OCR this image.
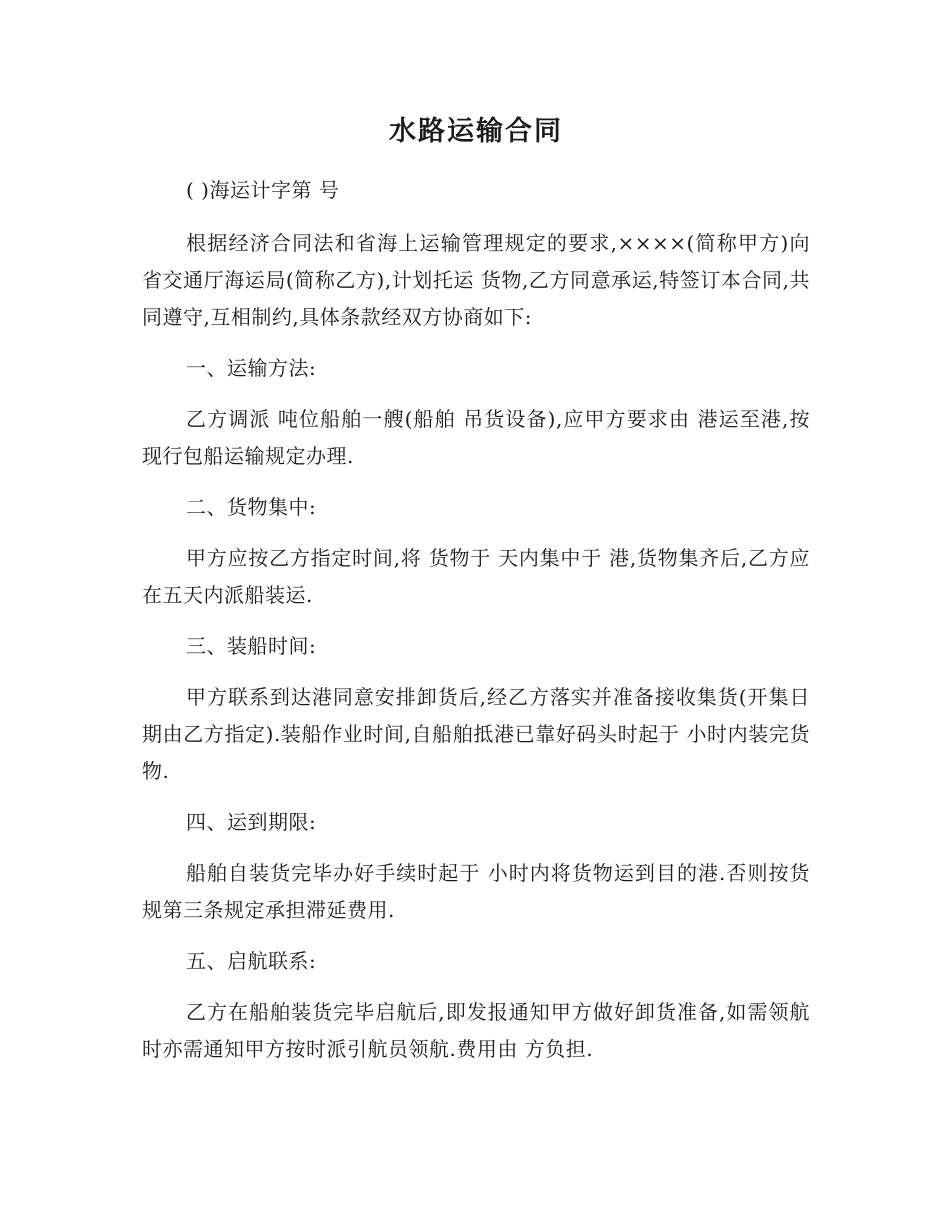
水路运输合同

( )海运计字第 号

根据经济合同法和省海上运输管理规定的要求,××××(简称甲方)向省交通厅海运局(简称乙方),计划托运 货物,乙方同意承运,特签订本合同,共同遵守,互相制约,具体条款经双方协商如下:

一、运输方法:

乙方调派 吨位船舶一艘(船舶 吊货设备),应甲方要求由 港运至港,按现行包船运输规定办理.

二、货物集中:

甲方应按乙方指定时间,将 货物于 天内集中于 港,货物集齐后,乙方应在五天内派船装运.

三、装船时间:

甲方联系到达港同意安排卸货后,经乙方落实并准备接收集货(开集日期由乙方指定).装船作业时间,自船舶抵港已靠好码头时起于 小时内装完货物.

四、运到期限:

船舶自装货完毕办好手续时起于 小时内将货物运到目的港.否则按货规第三条规定承担滞延费用.

五、启航联系:

乙方在船舶装货完毕启航后,即发报通知甲方做好卸货准备,如需领航时亦需通知甲方按时派引航员领航.费用由 方负担.
